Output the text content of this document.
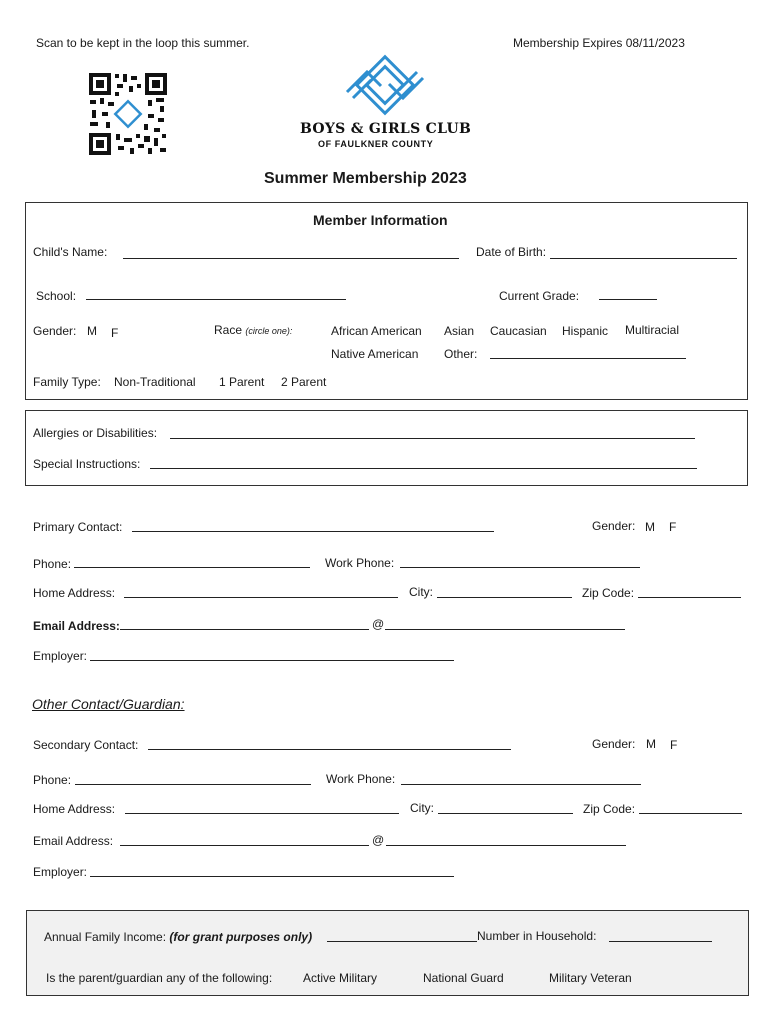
Scan to be kept in the loop this summer.	Membership Expires 08/11/2023
BOYS & GIRLS CLUB
OF FAULKNER COUNTY
Summer Membership 2023
Member Information
Child's Name:	Date of Birth:
School:	Current Grade:
Gender: M F	Race (circle one):	African American Asian Caucasian Hispanic Multiracial
Native American Other:
Family Type: Non-Traditional 1 Parent 2 Parent
Allergies or Disabilities:
Special Instructions:
Primary Contact:	Gender: M F
Phone:	Work Phone:
Home Address:	City:	Zip Code:
Email Address:	@
Employer:
Other Contact/Guardian:
Secondary Contact:	Gender: M F
Phone:	Work Phone:
Home Address:	City:	Zip Code:
Email Address:	@
Employer:
Annual Family Income: (for grant purposes only)	Number in Household:
Is the parent/guardian any of the following:	Active Military	National Guard	Military Veteran
